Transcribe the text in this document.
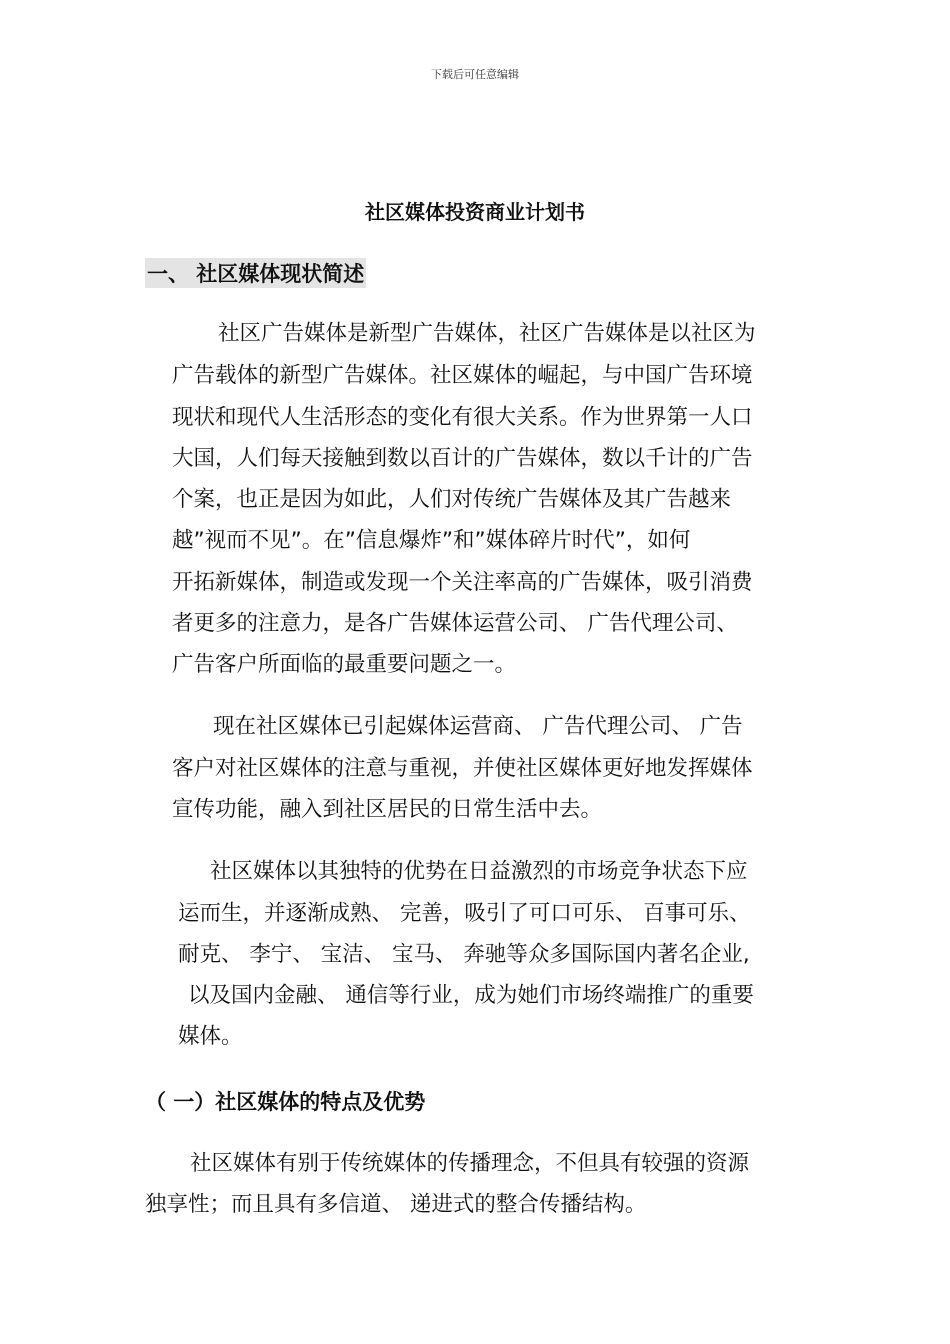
下载后可任意编辑
社区媒体投资商业计划书
一、 社区媒体现状简述
社区广告媒体是新型广告媒体，社区广告媒体是以社区为
广告载体的新型广告媒体。社区媒体的崛起，与中国广告环境
现状和现代人生活形态的变化有很大关系。作为世界第一人口
大国，人们每天接触到数以百计的广告媒体，数以千计的广告
个案，也正是因为如此，人们对传统广告媒体及其广告越来
越”视而不见”。在”信息爆炸”和”媒体碎片时代”，如何
开拓新媒体，制造或发现一个关注率高的广告媒体，吸引消费
者更多的注意力，是各广告媒体运营公司、 广告代理公司、
广告客户所面临的最重要问题之一。
现在社区媒体已引起媒体运营商、 广告代理公司、 广告
客户对社区媒体的注意与重视，并使社区媒体更好地发挥媒体
宣传功能，融入到社区居民的日常生活中去。
社区媒体以其独特的优势在日益激烈的市场竞争状态下应
运而生，并逐渐成熟、 完善，吸引了可口可乐、 百事可乐、
耐克、 李宁、 宝洁、 宝马、 奔驰等众多国际国内著名企业,
以及国内金融、 通信等行业，成为她们市场终端推广的重要
媒体。
（ 一）社区媒体的特点及优势
社区媒体有别于传统媒体的传播理念，不但具有较强的资源
独享性；而且具有多信道、 递进式的整合传播结构。
